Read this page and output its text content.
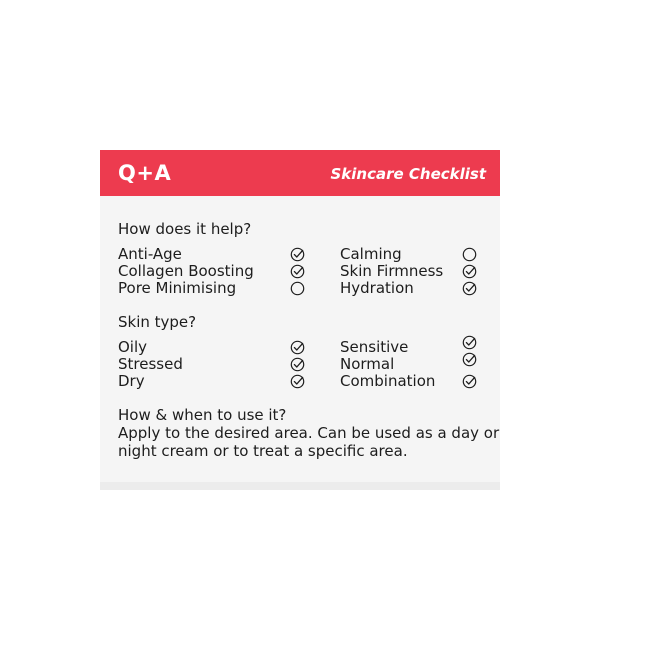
Q+A	Skincare Checklist
How does it help?
Anti-Age
Collagen Boosting
Pore Minimising
Calming
Skin Firmness
Hydration
Skin type?
Oily
Stressed
Dry
Sensitive
Normal
Combination
How & when to use it?
Apply to the desired area. Can be used as a day or
night cream or to treat a specific area.
